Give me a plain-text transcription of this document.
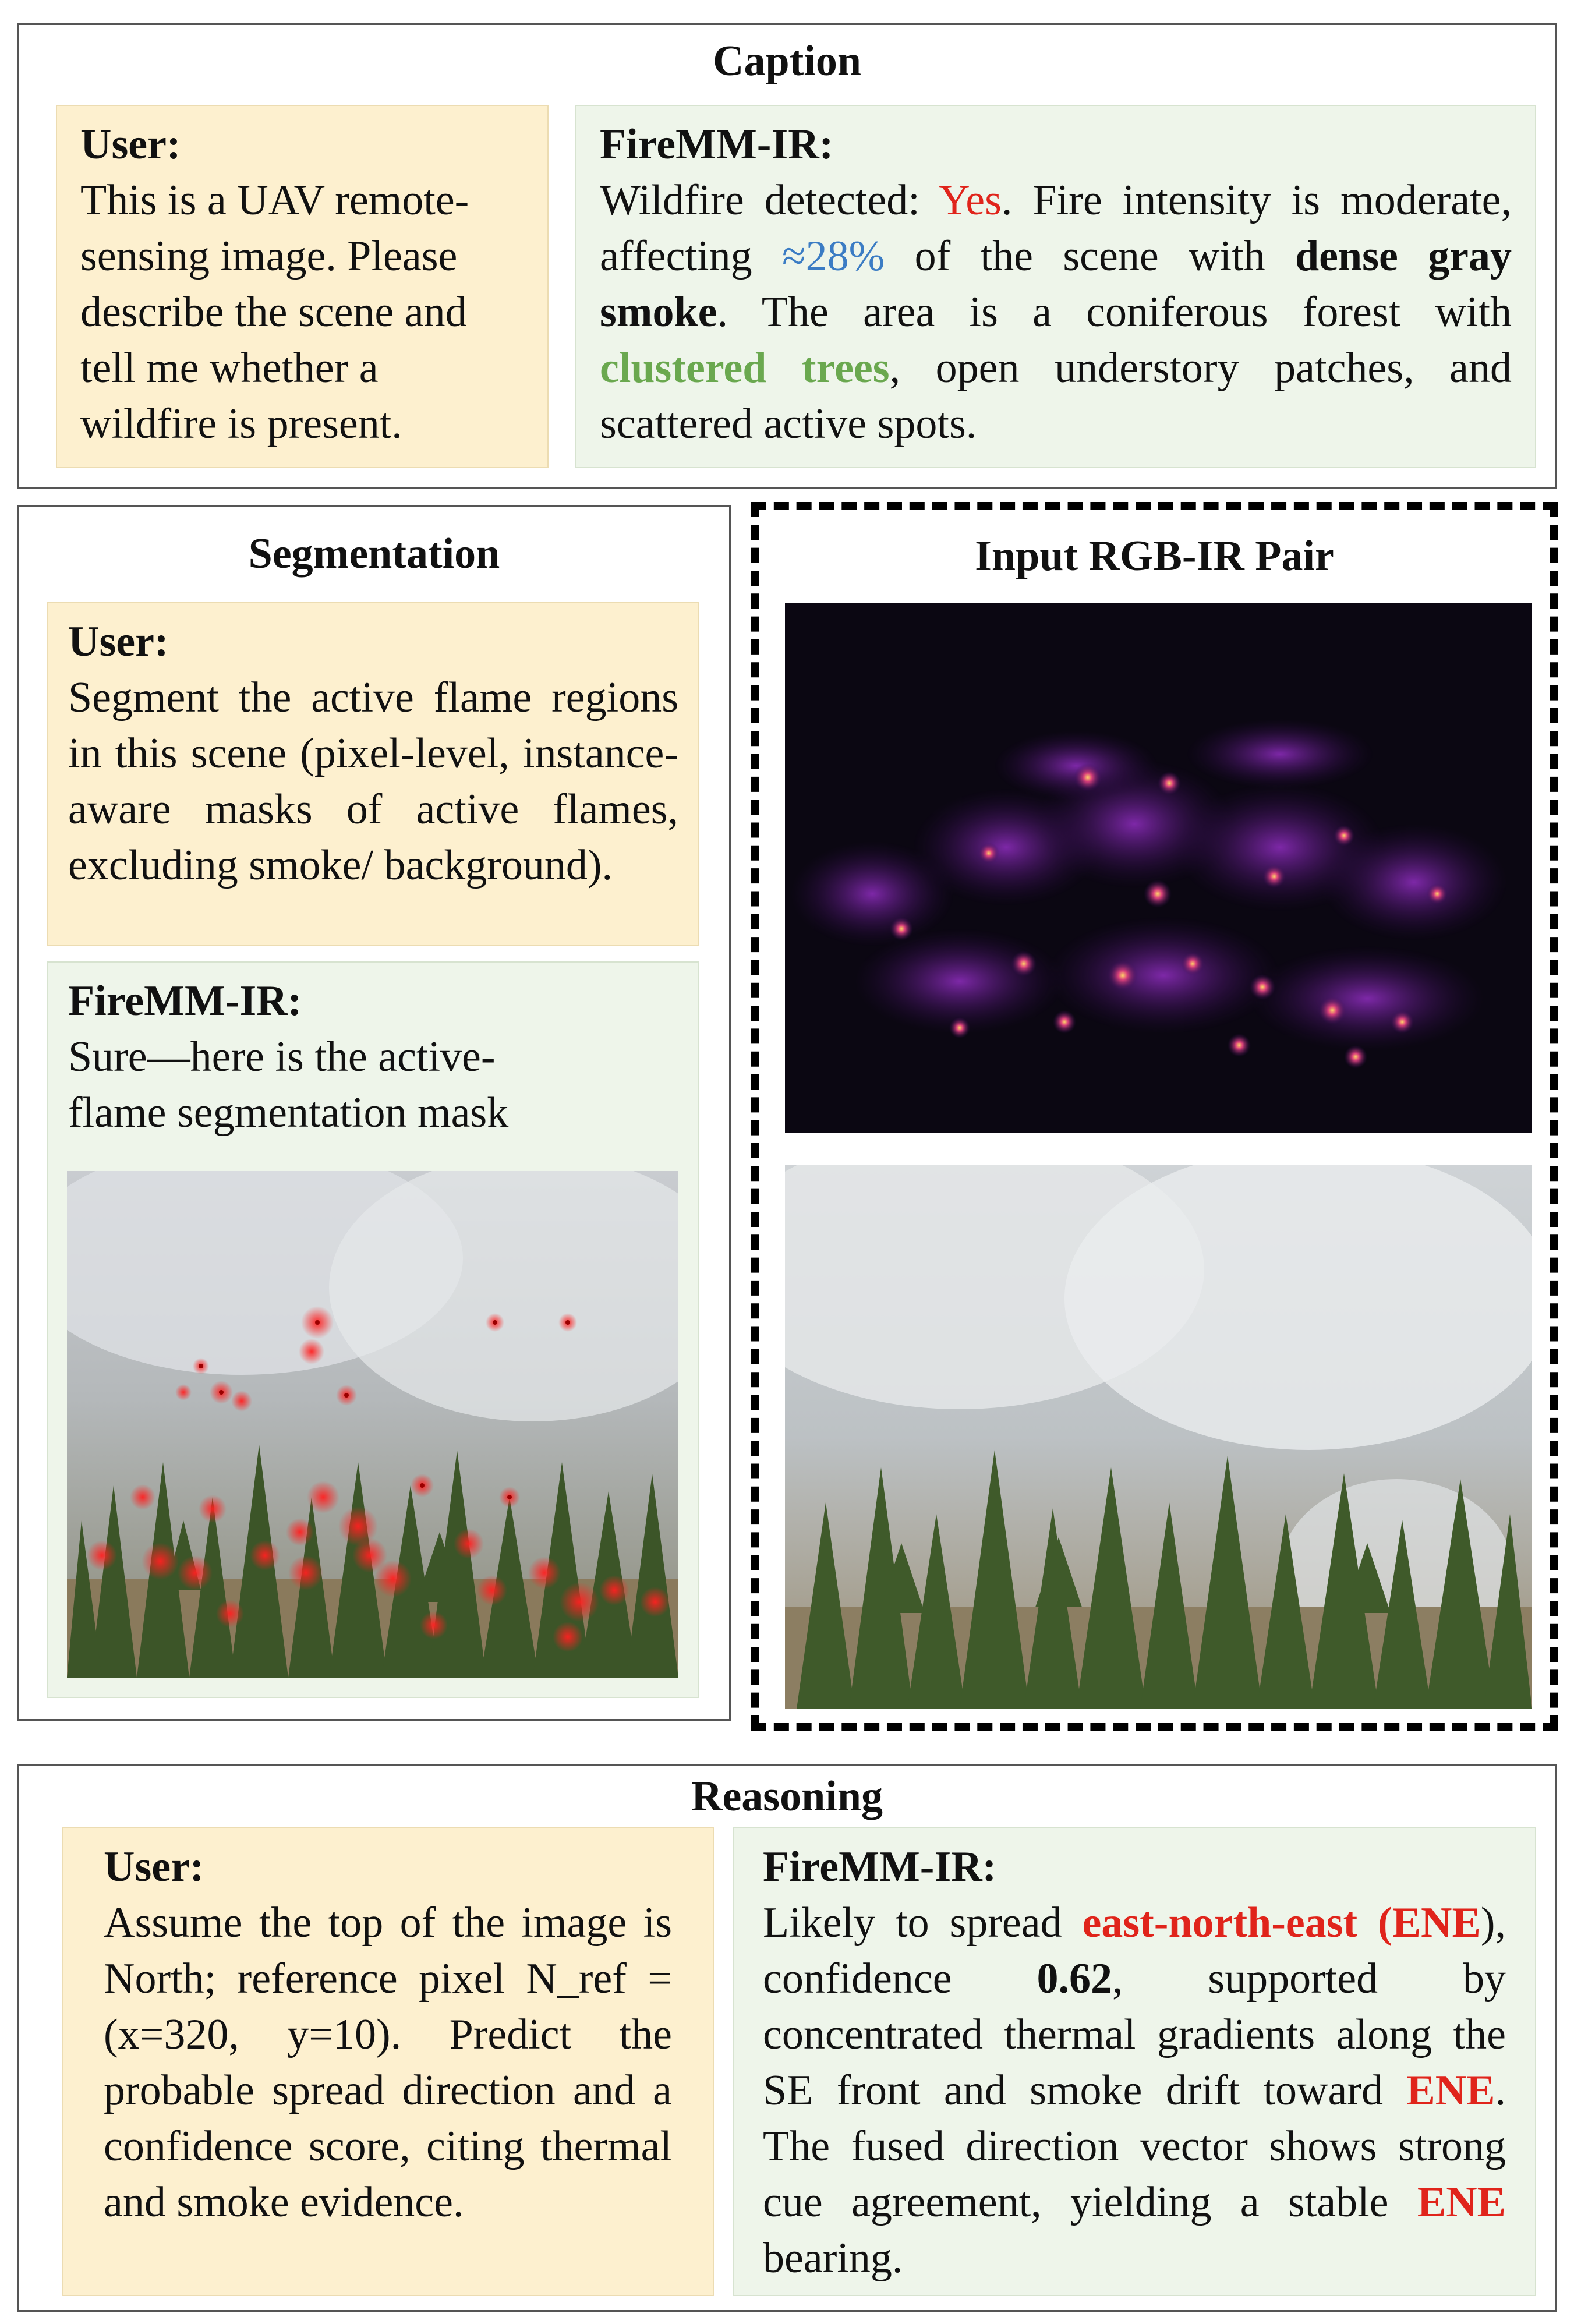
Caption
User:
This is a UAV remote-sensing image. Please describe the scene and tell me whether a wildfire is present.
FireMM-IR:
Wildfire detected: Yes. Fire intensity is moderate, affecting ≈28% of the scene with dense gray smoke. The area is a coniferous forest with clustered trees, open understory patches, and scattered active spots.
Segmentation
User:
Segment the active flame regions in this scene (pixel-level, instance-aware masks of active flames, excluding smoke/ background).
FireMM-IR:
Sure—here is the active-flame segmentation mask
Input RGB-IR Pair
Reasoning
User:
Assume the top of the image is North; reference pixel N_ref = (x=320, y=10). Predict the probable spread direction and a confidence score, citing thermal and smoke evidence.
FireMM-IR:
Likely to spread east-north-east (ENE), confidence 0.62, supported by concentrated thermal gradients along the SE front and smoke drift toward ENE. The fused direction vector shows strong cue agreement, yielding a stable ENE bearing.
